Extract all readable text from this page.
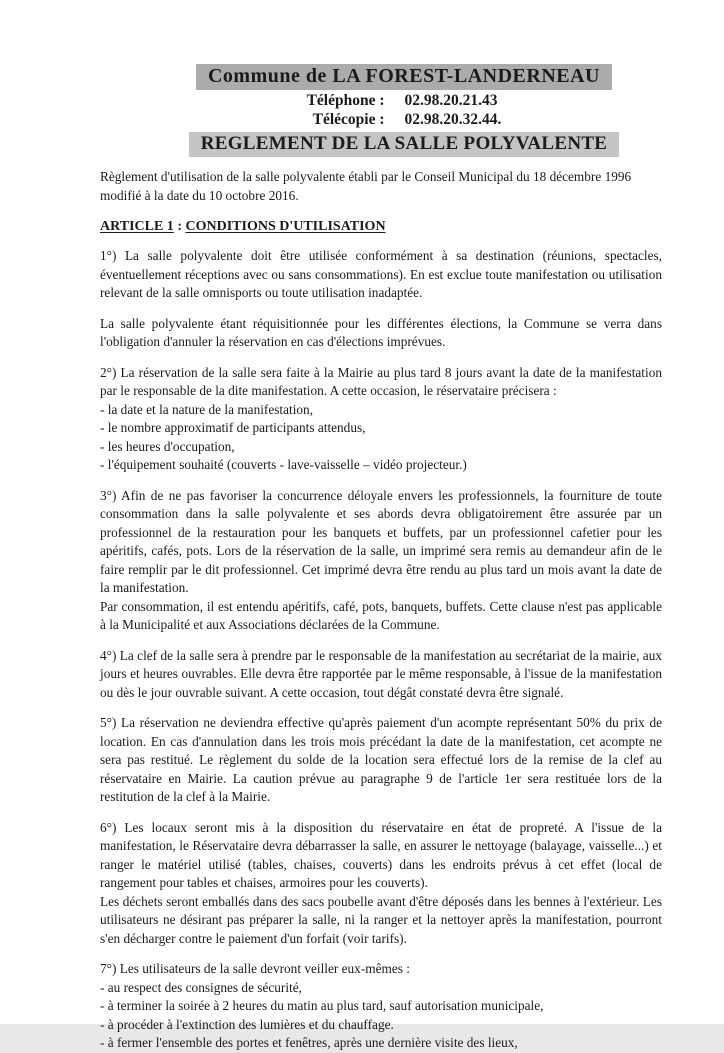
Commune de LA FOREST-LANDERNEAU
Téléphone : 02.98.20.21.43
Télécopie : 02.98.20.32.44.
REGLEMENT DE LA SALLE POLYVALENTE

Règlement d'utilisation de la salle polyvalente établi par le Conseil Municipal du 18 décembre 1996 modifié à la date du 10 octobre 2016.

ARTICLE 1 : CONDITIONS D'UTILISATION

1°) La salle polyvalente doit être utilisée conformément à sa destination (réunions, spectacles, éventuellement réceptions avec ou sans consommations). En est exclue toute manifestation ou utilisation relevant de la salle omnisports ou toute utilisation inadaptée.

La salle polyvalente étant réquisitionnée pour les différentes élections, la Commune se verra dans l'obligation d'annuler la réservation en cas d'élections imprévues.

2°) La réservation de la salle sera faite à la Mairie au plus tard 8 jours avant la date de la manifestation par le responsable de la dite manifestation. A cette occasion, le réservataire précisera :

- la date et la nature de la manifestation,

- le nombre approximatif de participants attendus,

- les heures d'occupation,

- l'équipement souhaité (couverts - lave-vaisselle – vidéo projecteur.)

3°) Afin de ne pas favoriser la concurrence déloyale envers les professionnels, la fourniture de toute consommation dans la salle polyvalente et ses abords devra obligatoirement être assurée par un professionnel de la restauration pour les banquets et buffets, par un professionnel cafetier pour les apéritifs, cafés, pots. Lors de la réservation de la salle, un imprimé sera remis au demandeur afin de le faire remplir par le dit professionnel. Cet imprimé devra être rendu au plus tard un mois avant la date de la manifestation.

Par consommation, il est entendu apéritifs, café, pots, banquets, buffets. Cette clause n'est pas applicable à la Municipalité et aux Associations déclarées de la Commune.

4°) La clef de la salle sera à prendre par le responsable de la manifestation au secrétariat de la mairie, aux jours et heures ouvrables. Elle devra être rapportée par le même responsable, à l'issue de la manifestation ou dès le jour ouvrable suivant. A cette occasion, tout dégât constaté devra être signalé.

5°) La réservation ne deviendra effective qu'après paiement d'un acompte représentant 50% du prix de location. En cas d'annulation dans les trois mois précédant la date de la manifestation, cet acompte ne sera pas restitué. Le règlement du solde de la location sera effectué lors de la remise de la clef au réservataire en Mairie. La caution prévue au paragraphe 9 de l'article 1er sera restituée lors de la restitution de la clef à la Mairie.

6°) Les locaux seront mis à la disposition du réservataire en état de propreté. A l'issue de la manifestation, le Réservataire devra débarrasser la salle, en assurer le nettoyage (balayage, vaisselle...) et ranger le matériel utilisé (tables, chaises, couverts) dans les endroits prévus à cet effet (local de rangement pour tables et chaises, armoires pour les couverts).

Les déchets seront emballés dans des sacs poubelle avant d'être déposés dans les bennes à l'extérieur. Les utilisateurs ne désirant pas préparer la salle, ni la ranger et la nettoyer après la manifestation, pourront s'en décharger contre le paiement d'un forfait (voir tarifs).

7°) Les utilisateurs de la salle devront veiller eux-mêmes :

- au respect des consignes de sécurité,

- à terminer la soirée à 2 heures du matin au plus tard, sauf autorisation municipale,

- à procéder à l'extinction des lumières et du chauffage.

- à fermer l'ensemble des portes et fenêtres, après une dernière visite des lieux,
